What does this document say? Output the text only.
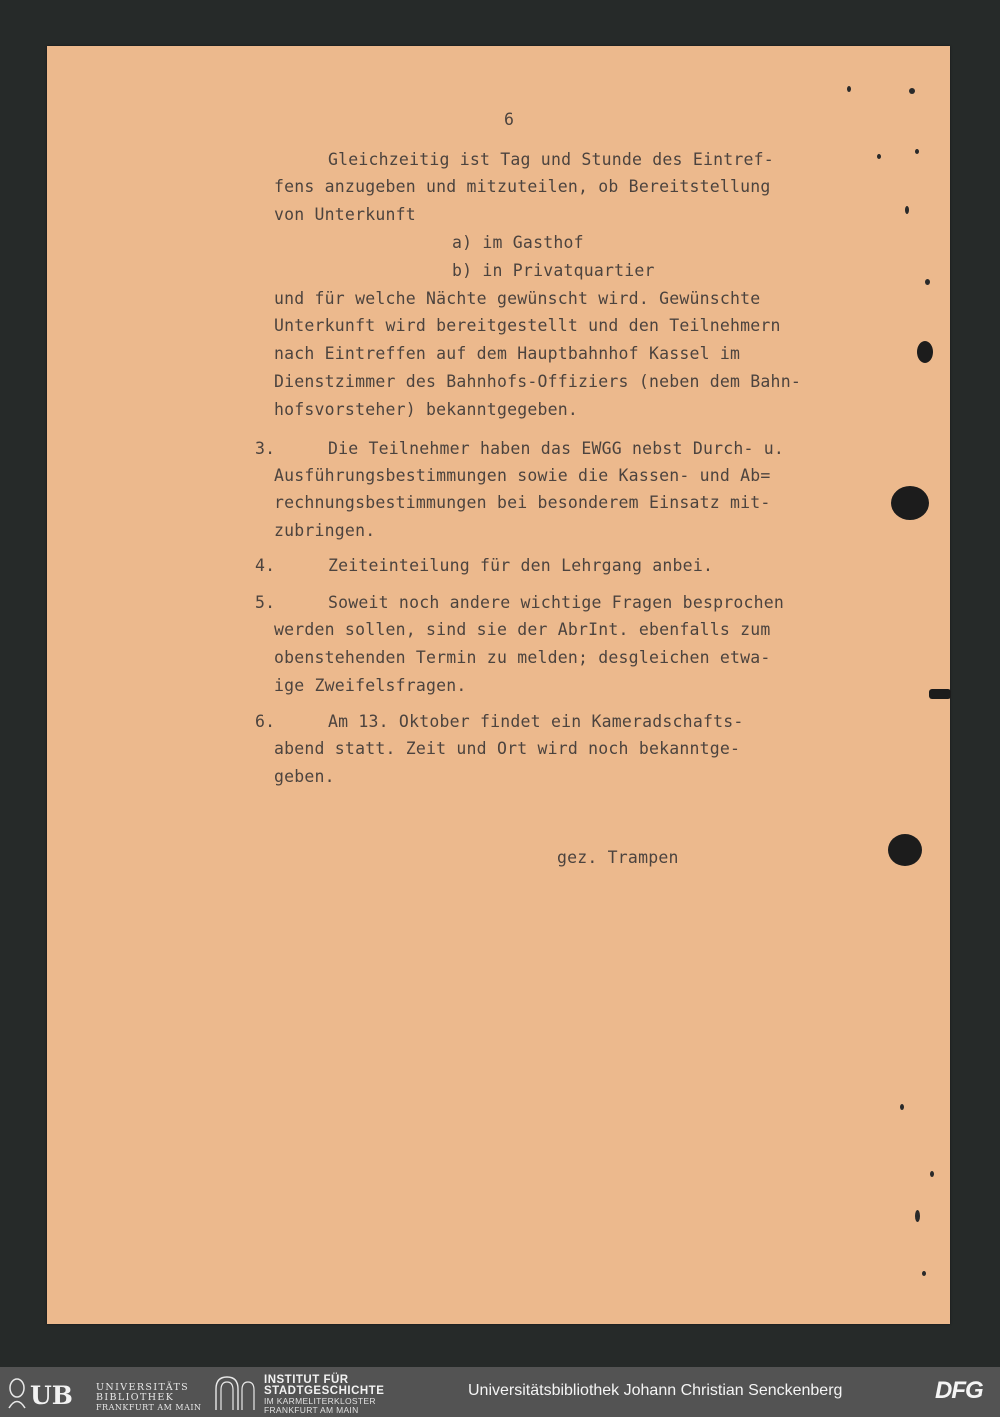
6
Gleichzeitig ist Tag und Stunde des Eintref-
fens anzugeben und mitzuteilen, ob Bereitstellung
von Unterkunft
a) im Gasthof
b) in Privatquartier
und für welche Nächte gewünscht wird. Gewünschte
Unterkunft wird bereitgestellt und den Teilnehmern
nach Eintreffen auf dem Hauptbahnhof Kassel im
Dienstzimmer des Bahnhofs-Offiziers (neben dem Bahn-
hofsvorsteher) bekanntgegeben.
3.	Die Teilnehmer haben das EWGG nebst Durch- u.
Ausführungsbestimmungen sowie die Kassen- und Ab=
rechnungsbestimmungen bei besonderem Einsatz mit-
zubringen.
4.	Zeiteinteilung für den Lehrgang anbei.
5.	Soweit noch andere wichtige Fragen besprochen
werden sollen, sind sie der AbrInt. ebenfalls zum
obenstehenden Termin zu melden; desgleichen etwa-
ige Zweifelsfragen.
6.	Am 13. Oktober findet ein Kameradschafts-
abend statt. Zeit und Ort wird noch bekanntge-
geben.
gez. Trampen
UB UNIVERSITÄTS
BIBLIOTHEK
FRANKFURT AM MAIN
INSTITUT FÜR
STADTGESCHICHTE
IM KARMELITERKLOSTER
FRANKFURT AM MAIN
Universitätsbibliothek Johann Christian Senckenberg	DFG
